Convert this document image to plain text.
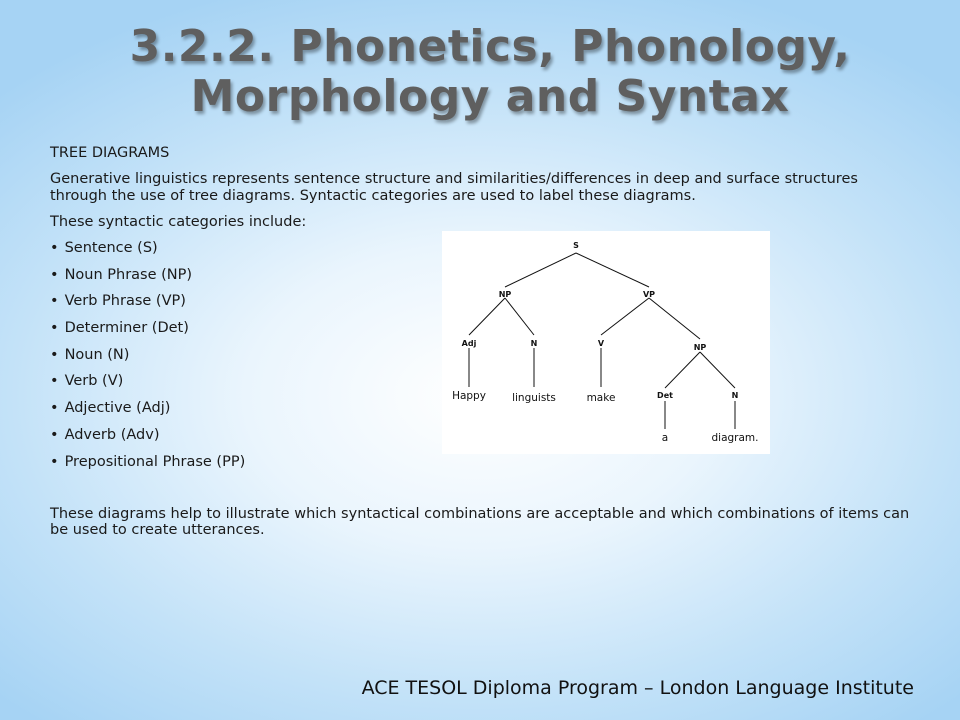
3.2.2. Phonetics, Phonology, Morphology and Syntax

TREE DIAGRAMS

Generative linguistics represents sentence structure and similarities/differences in deep and surface structures through the use of tree diagrams. Syntactic categories are used to label these diagrams.

These syntactic categories include:

• Sentence (S)
• Noun Phrase (NP)
• Verb Phrase (VP)
• Determiner (Det)
• Noun (N)
• Verb (V)
• Adjective (Adj)
• Adverb (Adv)
• Prepositional Phrase (PP)
S
NP	VP
Adj	N	V	NP
Det	N
Happy linguists	make
a	diagram.

These diagrams help to illustrate which syntactical combinations are acceptable and which combinations of items can be used to create utterances.

ACE TESOL Diploma Program – London Language Institute
